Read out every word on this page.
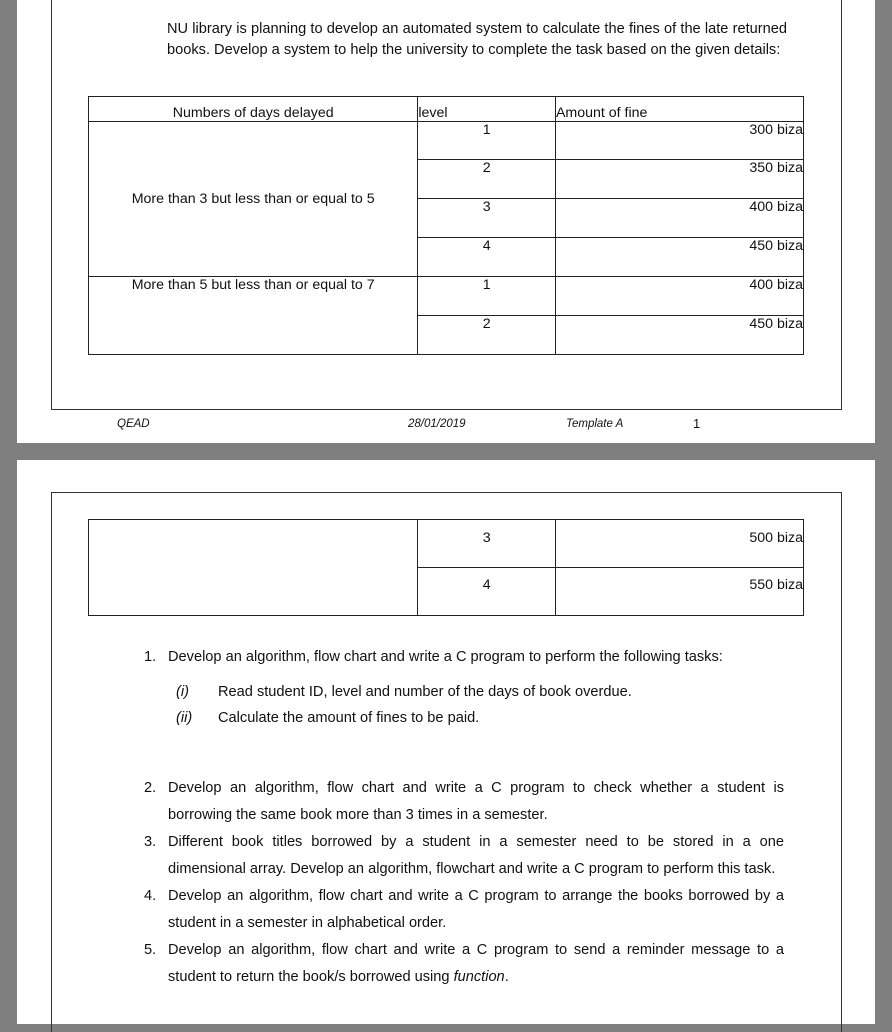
NU library is planning to develop an automated system to calculate the fines of the late returned books. Develop a system to help the university to complete the task based on the given details:

Numbers of days delayed	level	Amount of fine
More than 3 but less than or equal to 5	1	300 biza
	2	350 biza
	3	400 biza
	4	450 biza
More than 5 but less than or equal to 7	1	400 biza
	2	450 biza
QEAD	28/01/2019	Template A	1
	3	500 biza
	4	550 biza
1. Develop an algorithm, flow chart and write a C program to perform the following tasks:
(i) Read student ID, level and number of the days of book overdue.
(ii) Calculate the amount of fines to be paid.
2. Develop an algorithm, flow chart and write a C program to check whether a student is borrowing the same book more than 3 times in a semester.
3. Different book titles borrowed by a student in a semester need to be stored in a one dimensional array. Develop an algorithm, flowchart and write a C program to perform this task.
4. Develop an algorithm, flow chart and write a C program to arrange the books borrowed by a student in a semester in alphabetical order.
5. Develop an algorithm, flow chart and write a C program to send a reminder message to a student to return the book/s borrowed using function.
